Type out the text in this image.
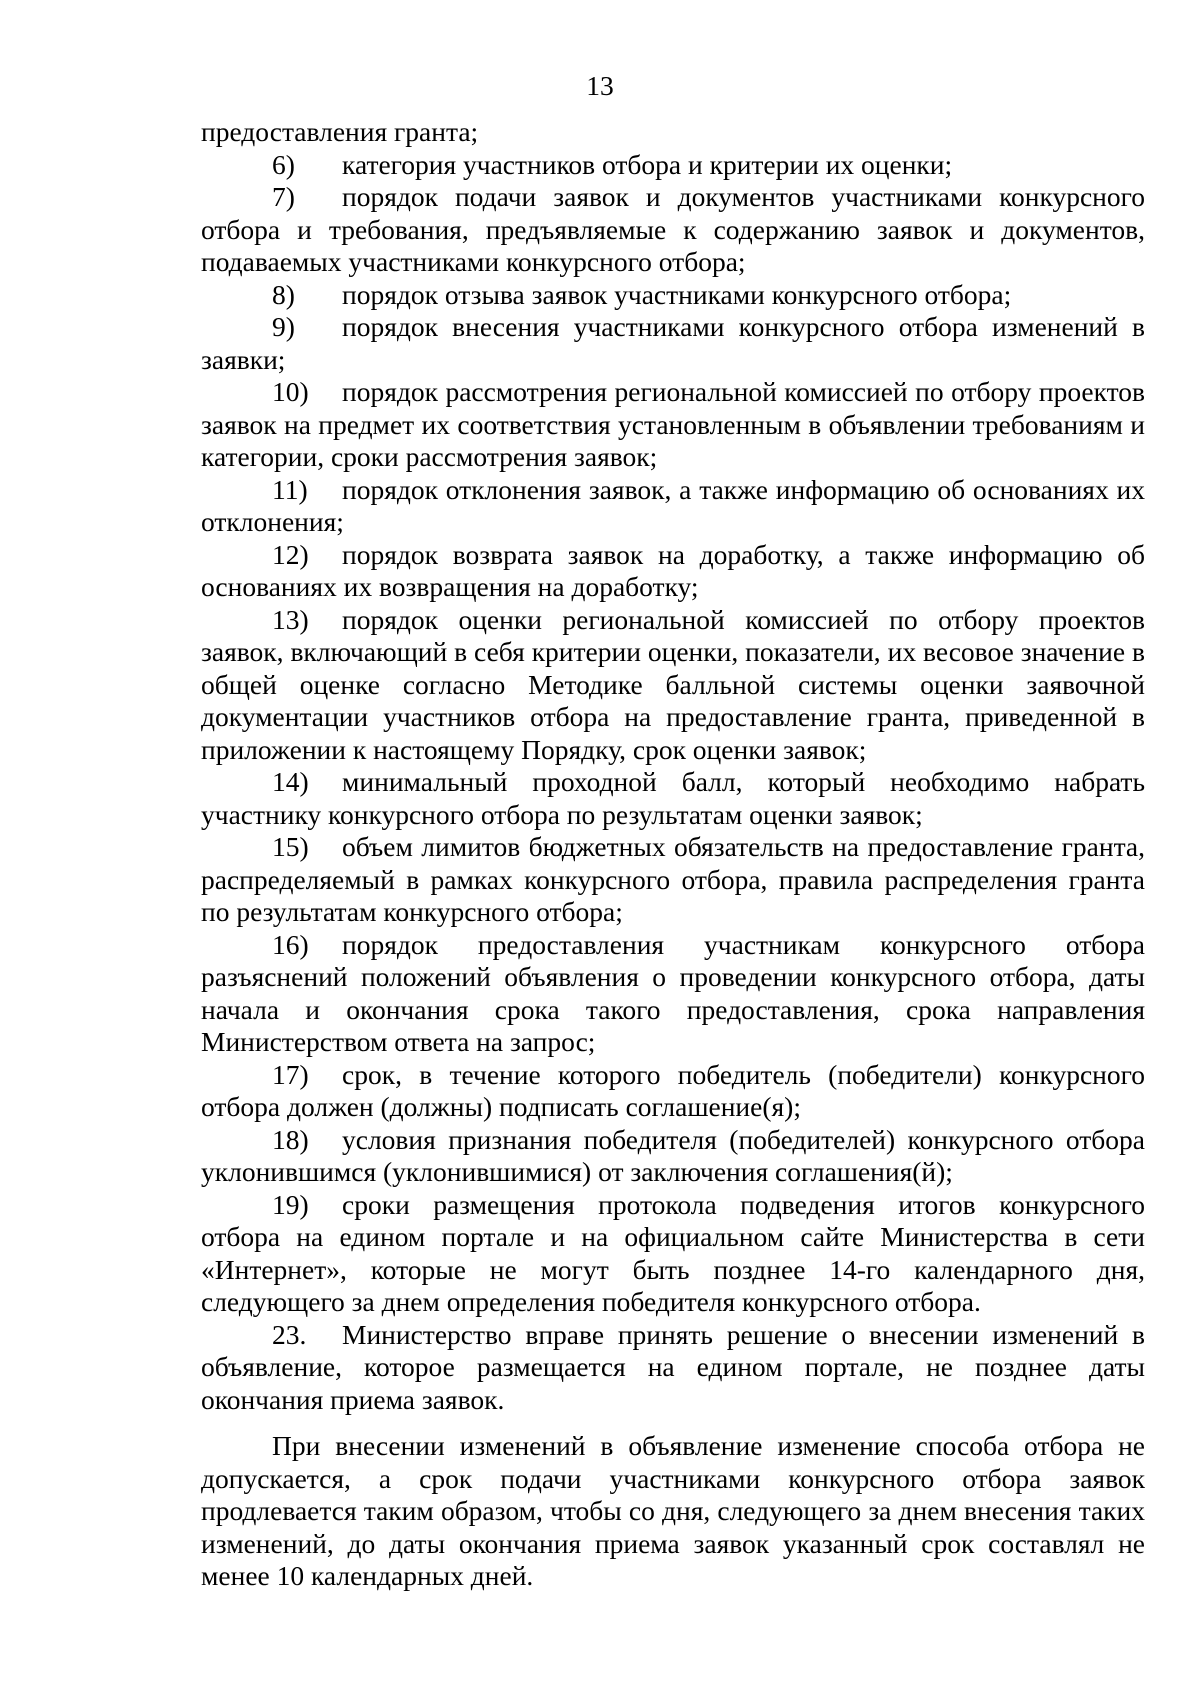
13

предоставления гранта;

6) категория участников отбора и критерии их оценки;

7) порядок подачи заявок и документов участниками конкурсного отбора и требования, предъявляемые к содержанию заявок и документов, подаваемых участниками конкурсного отбора;

8) порядок отзыва заявок участниками конкурсного отбора;

9) порядок внесения участниками конкурсного отбора изменений в заявки;

10) порядок рассмотрения региональной комиссией по отбору проектов заявок на предмет их соответствия установленным в объявлении требованиям и категории, сроки рассмотрения заявок;

11) порядок отклонения заявок, а также информацию об основаниях их отклонения;

12) порядок возврата заявок на доработку, а также информацию об основаниях их возвращения на доработку;

13) порядок оценки региональной комиссией по отбору проектов заявок, включающий в себя критерии оценки, показатели, их весовое значение в общей оценке согласно Методике балльной системы оценки заявочной документации участников отбора на предоставление гранта, приведенной в приложении к настоящему Порядку, срок оценки заявок;

14) минимальный проходной балл, который необходимо набрать участнику конкурсного отбора по результатам оценки заявок;

15) объем лимитов бюджетных обязательств на предоставление гранта, распределяемый в рамках конкурсного отбора, правила распределения гранта по результатам конкурсного отбора;

16) порядок предоставления участникам конкурсного отбора разъяснений положений объявления о проведении конкурсного отбора, даты начала и окончания срока такого предоставления, срока направления Министерством ответа на запрос;

17) срок, в течение которого победитель (победители) конкурсного отбора должен (должны) подписать соглашение(я);

18) условия признания победителя (победителей) конкурсного отбора уклонившимся (уклонившимися) от заключения соглашения(й);

19) сроки размещения протокола подведения итогов конкурсного отбора на едином портале и на официальном сайте Министерства в сети «Интернет», которые не могут быть позднее 14-го календарного дня, следующего за днем определения победителя конкурсного отбора.

23. Министерство вправе принять решение о внесении изменений в объявление, которое размещается на едином портале, не позднее даты окончания приема заявок.

При внесении изменений в объявление изменение способа отбора не допускается, а срок подачи участниками конкурсного отбора заявок продлевается таким образом, чтобы со дня, следующего за днем внесения таких изменений, до даты окончания приема заявок указанный срок составлял не менее 10 календарных дней.
